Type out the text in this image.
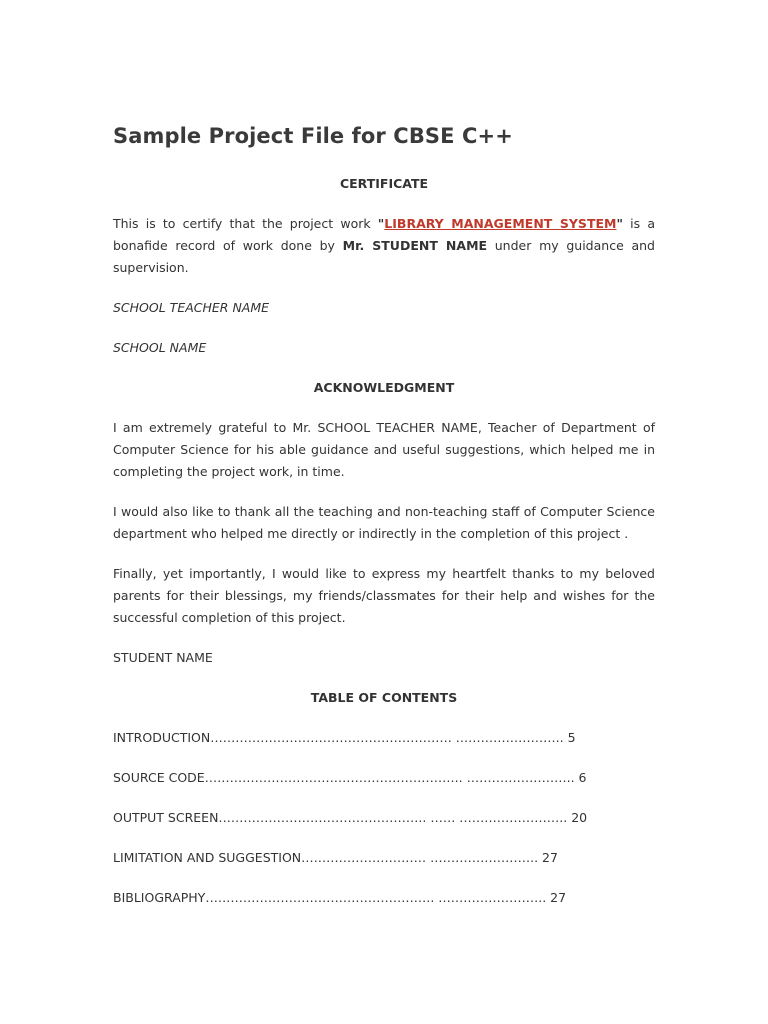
Sample Project File for CBSE C++
CERTIFICATE

This is to certify that the project work "LIBRARY MANAGEMENT SYSTEM" is a bonafide record of work done by Mr. STUDENT NAME under my guidance and supervision.

SCHOOL TEACHER NAME

SCHOOL NAME

ACKNOWLEDGMENT

I am extremely grateful to Mr. SCHOOL TEACHER NAME, Teacher of Department of Computer Science for his able guidance and useful suggestions, which helped me in completing the project work, in time.

I would also like to thank all the teaching and non-teaching staff of Computer Science department who helped me directly or indirectly in the completion of this project .

Finally, yet importantly, I would like to express my heartfelt thanks to my beloved parents for their blessings, my friends/classmates for their help and wishes for the successful completion of this project.

STUDENT NAME

TABLE OF CONTENTS
INTRODUCTION…………………………………………………. …………………….. 5
SOURCE CODE…………………………………………………….. …………………….. 6
OUTPUT SCREEN………………………………………….. …… …………………….. 20
LIMITATION AND SUGGESTION………………………… …………………….. 27
BIBLIOGRAPHY………………………………………………. …………………….. 27
